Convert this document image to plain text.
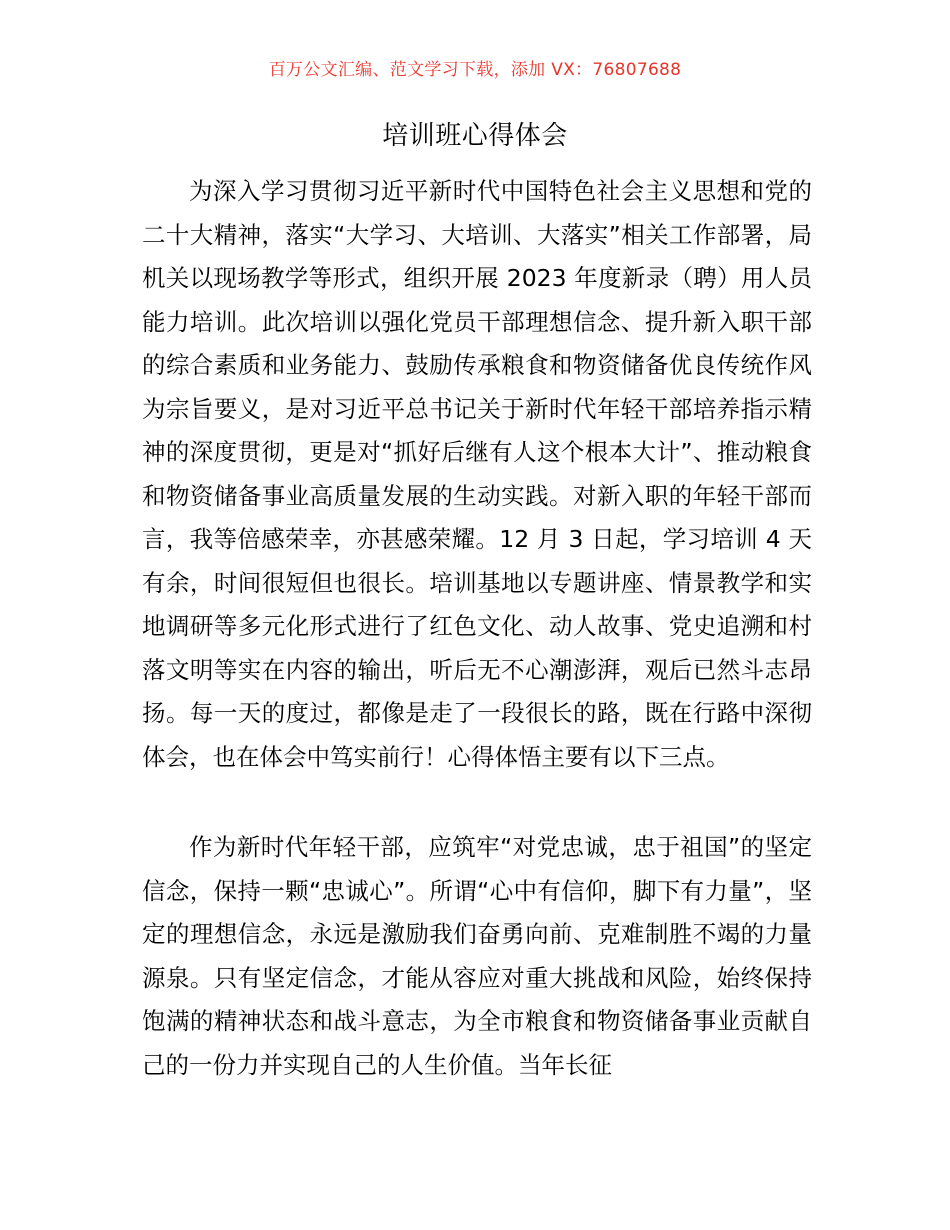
百万公文汇编、范文学习下载，添加 VX：76807688
培训班心得体会

为深入学习贯彻习近平新时代中国特色社会主义思想和党的二十大精神，落实“大学习、大培训、大落实”相关工作部署，局机关以现场教学等形式，组织开展 2023 年度新录（聘）用人员能力培训。此次培训以强化党员干部理想信念、提升新入职干部的综合素质和业务能力、鼓励传承粮食和物资储备优良传统作风为宗旨要义，是对习近平总书记关于新时代年轻干部培养指示精神的深度贯彻，更是对“抓好后继有人这个根本大计”、推动粮食和物资储备事业高质量发展的生动实践。对新入职的年轻干部而言，我等倍感荣幸，亦甚感荣耀。12 月 3 日起，学习培训 4 天有余，时间很短但也很长。培训基地以专题讲座、情景教学和实地调研等多元化形式进行了红色文化、动人故事、党史追溯和村落文明等实在内容的输出，听后无不心潮澎湃，观后已然斗志昂扬。每一天的度过，都像是走了一段很长的路，既在行路中深彻体会，也在体会中笃实前行！心得体悟主要有以下三点。

作为新时代年轻干部，应筑牢“对党忠诚，忠于祖国”的坚定信念，保持一颗“忠诚心”。所谓“心中有信仰，脚下有力量”，坚定的理想信念，永远是激励我们奋勇向前、克难制胜不竭的力量源泉。只有坚定信念，才能从容应对重大挑战和风险，始终保持饱满的精神状态和战斗意志，为全市粮食和物资储备事业贡献自己的一份力并实现自己的人生价值。当年长征
